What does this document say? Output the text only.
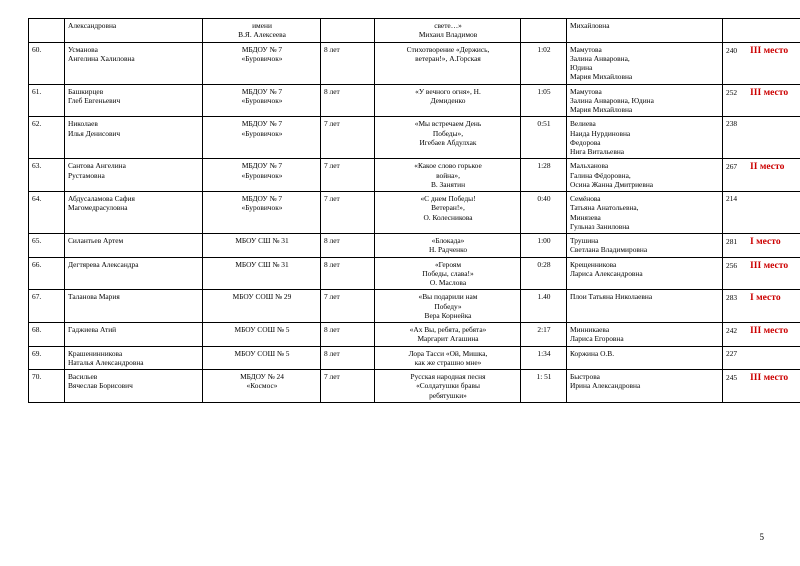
	Александровна	имени
В.Я. Алексеева		свете…»
Михаил Владимов		Михайловна	
60.	Усманова
Ангелина Халиловна	МБДОУ № 7
«Буровичок»	8 лет	Стихотворение «Держись,
ветеран!», А.Горская	1:02	Мамутова
Залина Анваровна,
Юдина
Мария Михайловна	240 III место
61.	Башкирцев
Глеб Евгеньевич	МБДОУ № 7
«Буровичок»	8 лет	«У вечного огня», Н.
Демиденко	1:05	Мамутова
Залина Анваровна, Юдина
Мария Михайловна	252 III место
62.	Николаев
Илья Денисович	МБДОУ № 7
«Буровичок»	7 лет	«Мы встречаем День
Победы»,
Игебаев Абдулхак	0:51	Велиева
Наида Нурдиновна
Федорова
Нига Витальевна	238
63.	Сантова Ангелина
Рустамовна	МБДОУ № 7
«Буровичок»	7 лет	«Какое слово горькое
война»,
В. Занятин	1:28	Мальханова
Галина Фёдоровна,
Осина Жанна Дмитриевна	267 II место
64.	Абдусаламова Сафия
Магомедрасуловна	МБДОУ № 7
«Буровичок»	7 лет	«С днем Победы!
Ветеран!»,
О. Колесникова	0:40	Семёнова
Татьяна Анатольевна,
Минязева
Гульназ Заниловна	214
65.	Силантьев Артем	МБОУ СШ № 31	8 лет	«Блокада»
Н. Радченко	1:00	Трушина
Светлана Владимировна	281 I место
66.	Дегтярева Александра	МБОУ СШ № 31	8 лет	«Героям
Победы, слава!»
О. Маслова	0:28	Крещенникова
Лариса Александровна	256 III место
67.	Таланова Мария	МБОУ СОШ № 29	7 лет	«Вы подарили нам
Победу»
Вера Корнейка	1.40	Плои Татьяна Николаевна	283 I место
68.	Гаджиева Атий	МБОУ СОШ № 5	8 лет	«Ах Вы, ребята, ребята»
Маргарит Агашина	2:17	Минникаева
Лариса Егоровна	242 III место
69.	Крашенинникова
Наталья Александровна	МБОУ СОШ № 5	8 лет	Лора Тасси «Ой, Мишка,
как же страшно мне»	1:34	Коржина О.В.	227
70.	Васильев
Вячеслав Борисович	МБДОУ № 24
«Космос»	7 лет	Русская народная песня
«Солдатушки бравы
ребятушки»	1: 51	Быстрова
Ирина Александровна	245 III место
5
